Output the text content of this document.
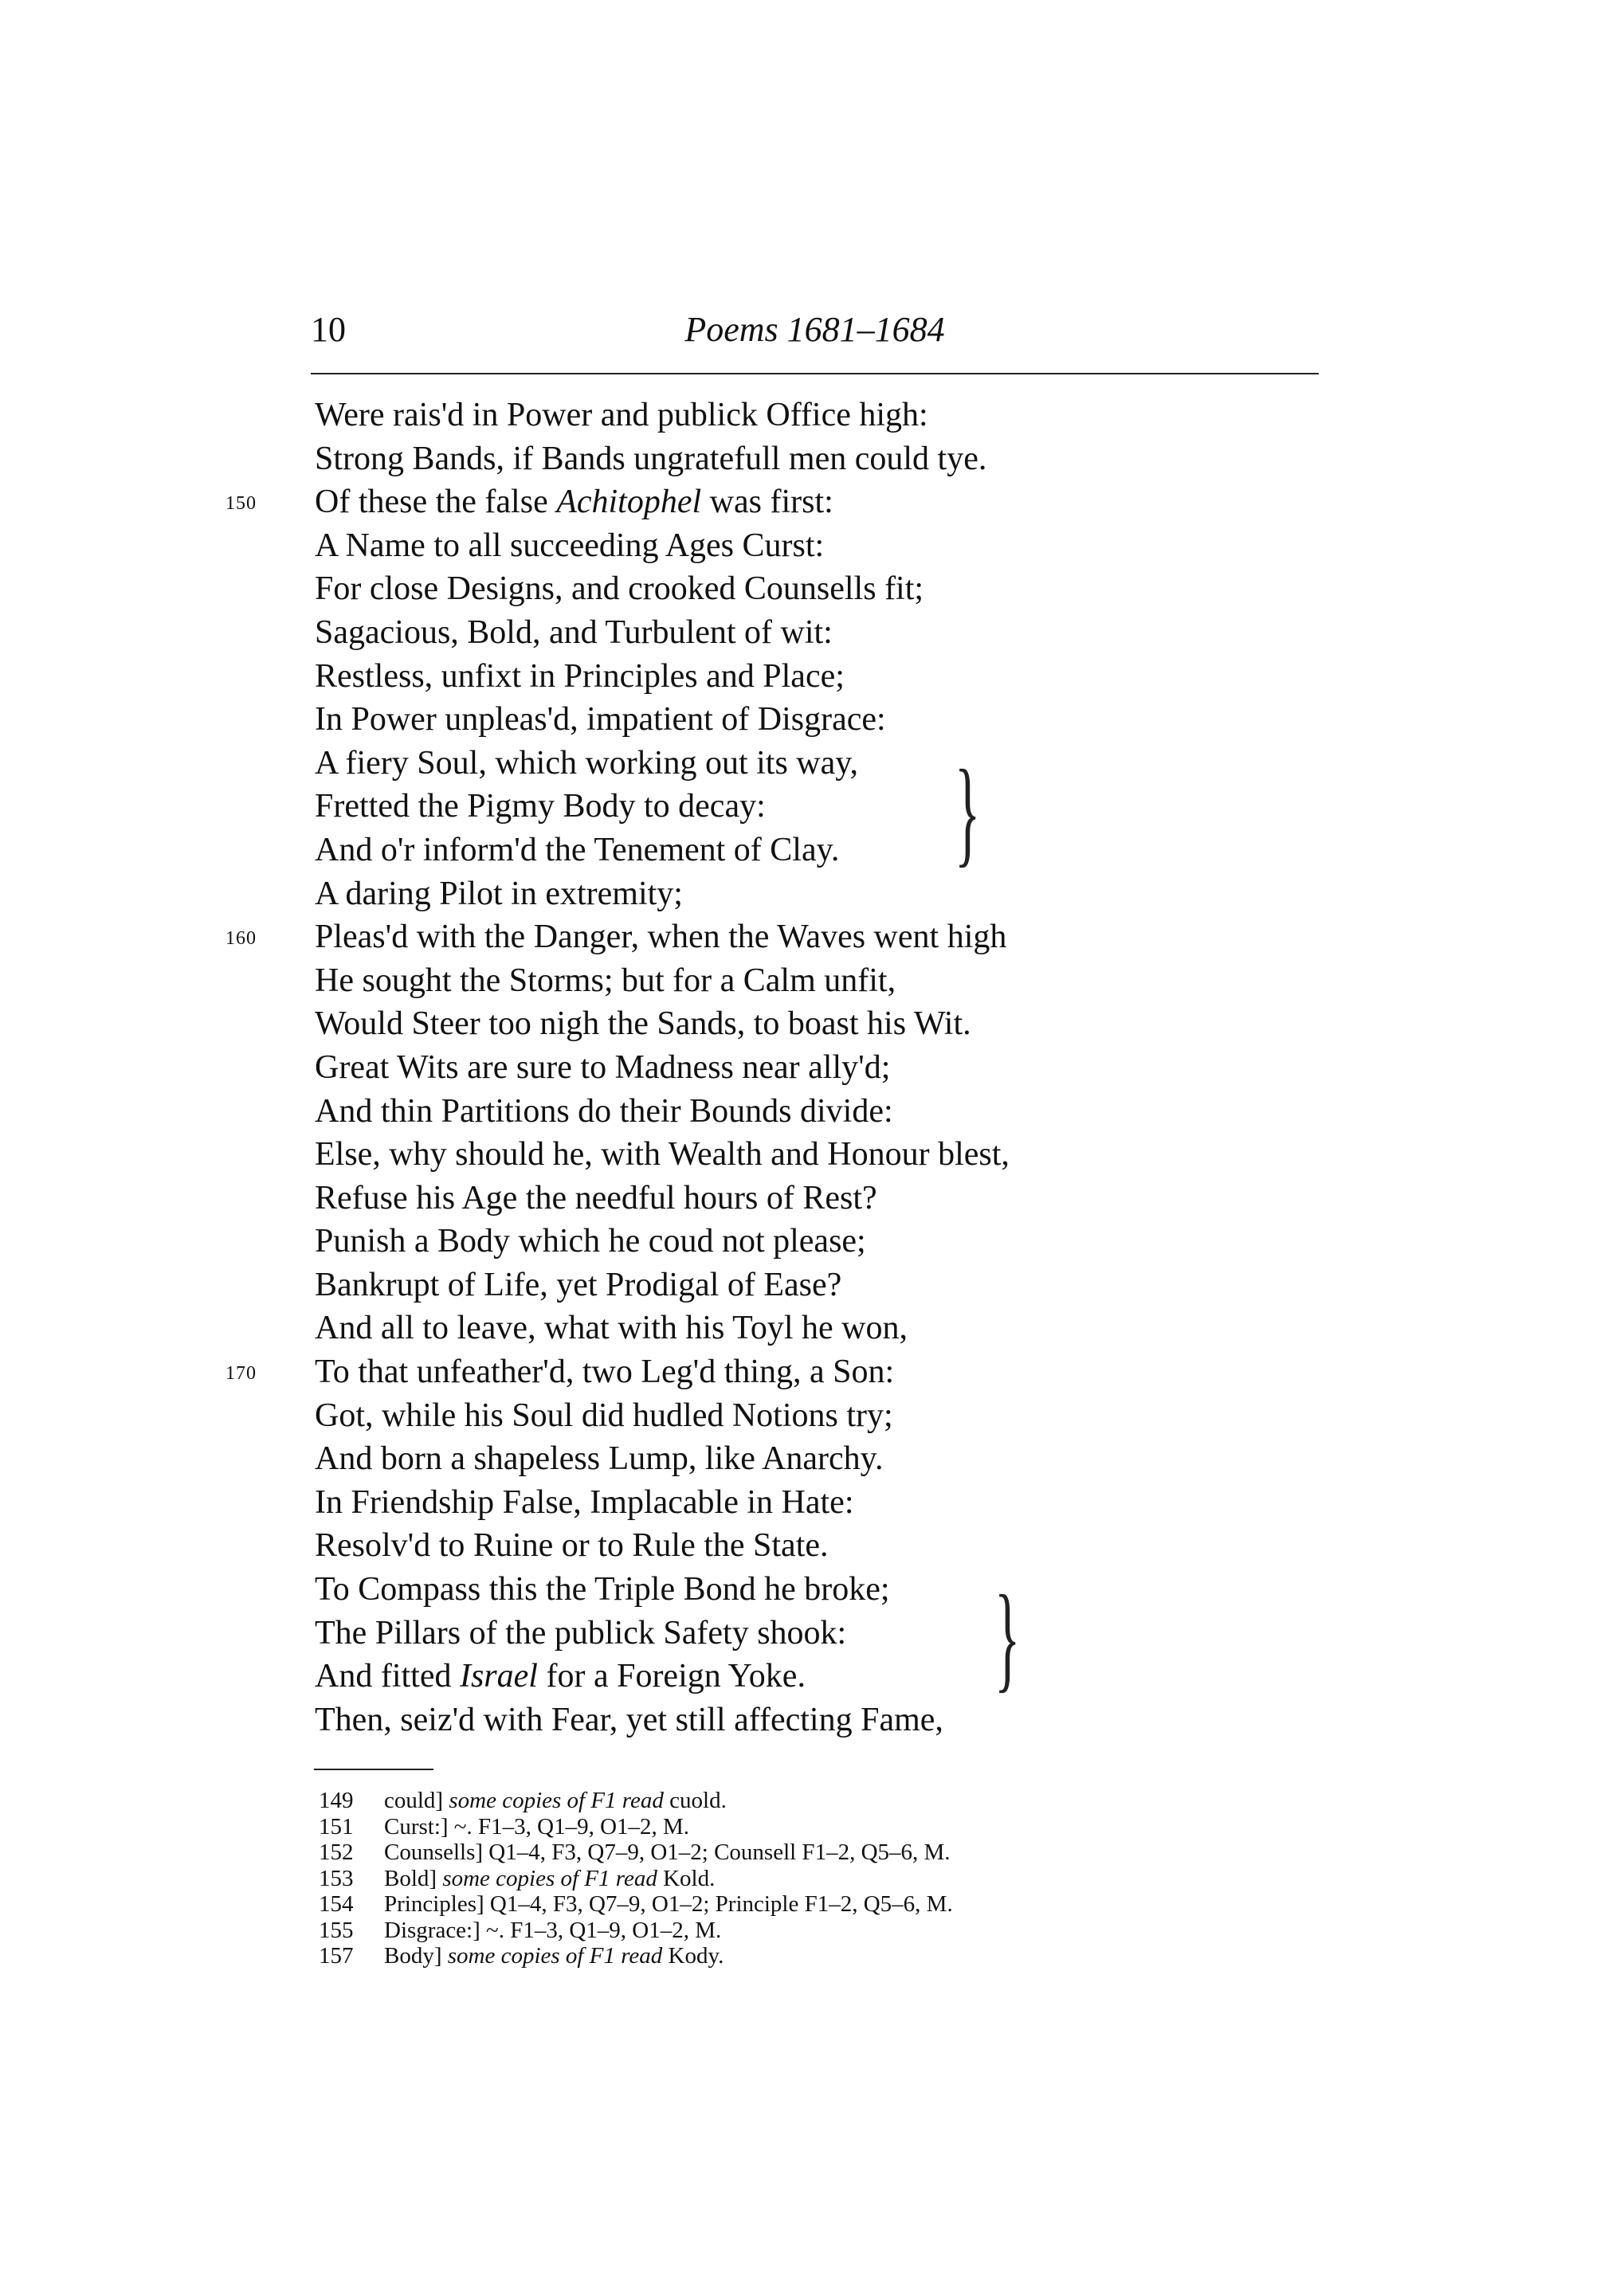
10	Poems 1681–1684
Were rais'd in Power and publick Office high:
Strong Bands, if Bands ungratefull men could tye.
150	Of these the false Achitophel was first:
A Name to all succeeding Ages Curst:
For close Designs, and crooked Counsells fit;
Sagacious, Bold, and Turbulent of wit:
Restless, unfixt in Principles and Place;
In Power unpleas'd, impatient of Disgrace:
A fiery Soul, which working out its way,
Fretted the Pigmy Body to decay:
And o'r inform'd the Tenement of Clay.
A daring Pilot in extremity;
160	Pleas'd with the Danger, when the Waves went high
He sought the Storms; but for a Calm unfit,
Would Steer too nigh the Sands, to boast his Wit.
Great Wits are sure to Madness near ally'd;
And thin Partitions do their Bounds divide:
Else, why should he, with Wealth and Honour blest,
Refuse his Age the needful hours of Rest?
Punish a Body which he coud not please;
Bankrupt of Life, yet Prodigal of Ease?
And all to leave, what with his Toyl he won,
170	To that unfeather'd, two Leg'd thing, a Son:
Got, while his Soul did hudled Notions try;
And born a shapeless Lump, like Anarchy.
In Friendship False, Implacable in Hate:
Resolv'd to Ruine or to Rule the State.
To Compass this the Triple Bond he broke;
The Pillars of the publick Safety shook:
And fitted Israel for a Foreign Yoke.
Then, seiz'd with Fear, yet still affecting Fame,
}
}
149	could] some copies of F1 read cuold.
151	Curst:] ~. F1–3, Q1–9, O1–2, M.
152	Counsells] Q1–4, F3, Q7–9, O1–2; Counsell F1–2, Q5–6, M.
153	Bold] some copies of F1 read Kold.
154	Principles] Q1–4, F3, Q7–9, O1–2; Principle F1–2, Q5–6, M.
155	Disgrace:] ~. F1–3, Q1–9, O1–2, M.
157	Body] some copies of F1 read Kody.
